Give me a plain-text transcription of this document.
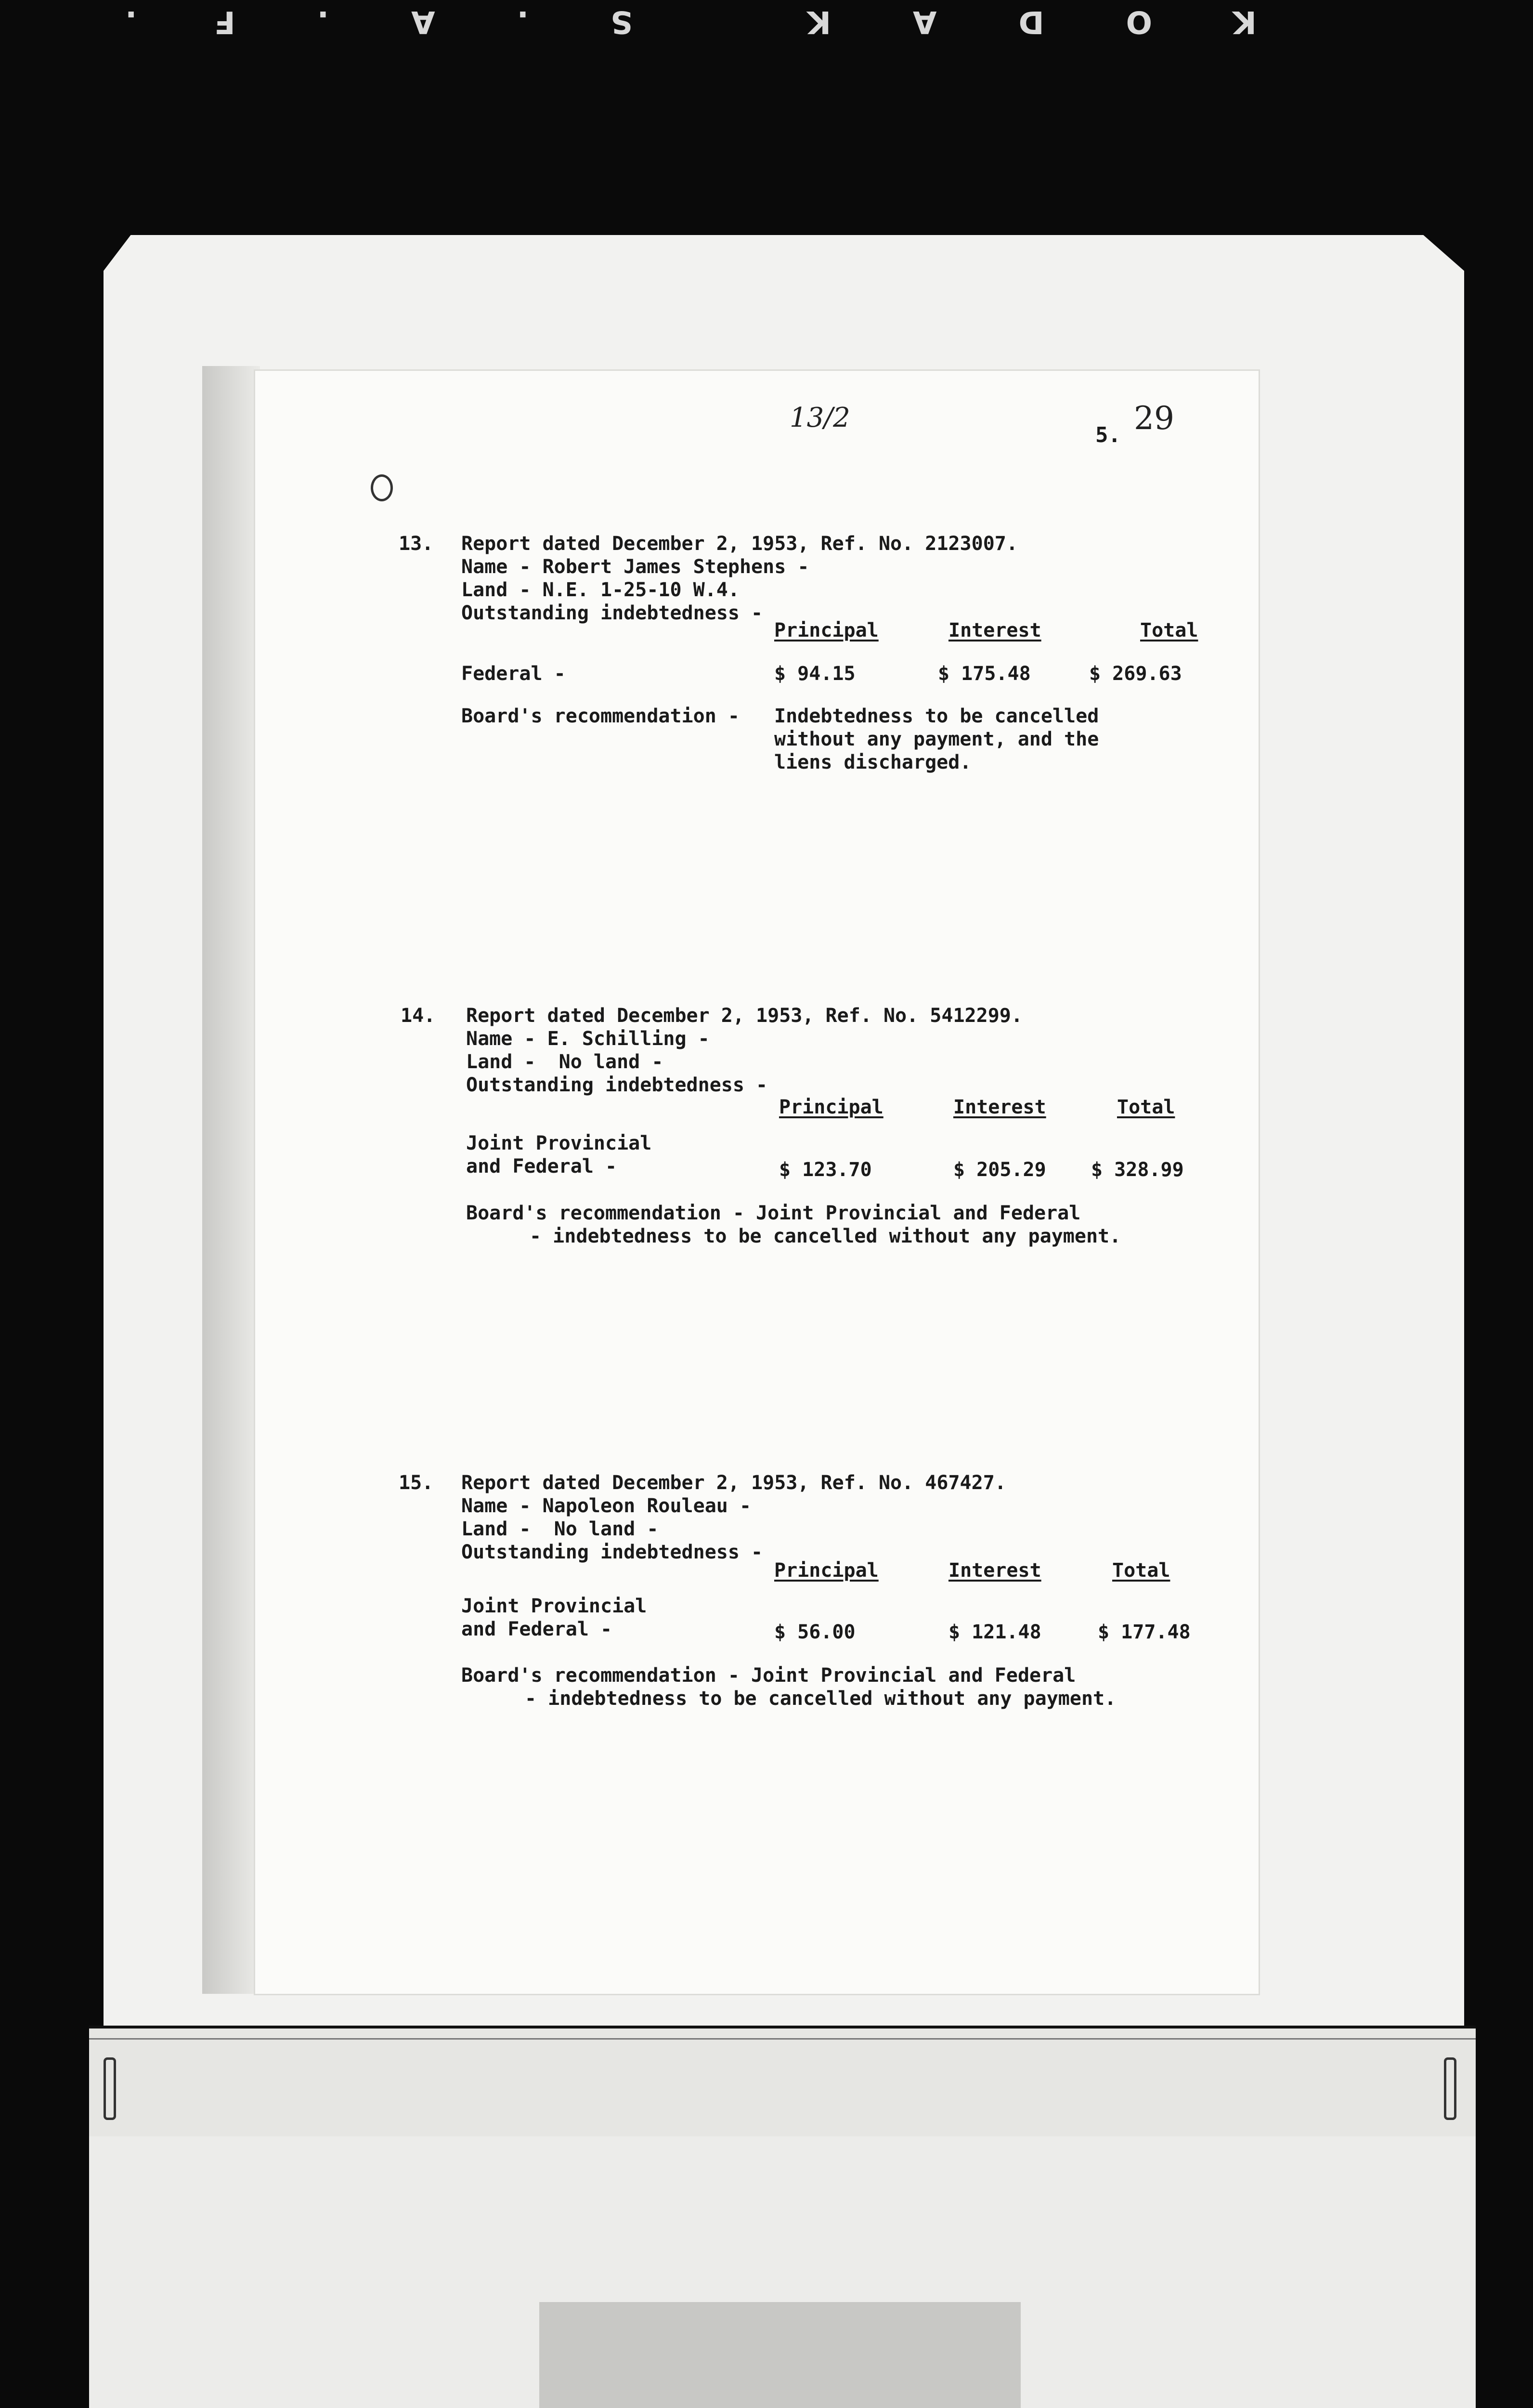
KODAK S.A.F.
13/2
5. 29
13. Report dated December 2, 1953, Ref. No. 2123007.
Name - Robert James Stephens -
Land - N.E. 1-25-10 W.4.
Outstanding indebtedness -
Principal	Interest	Total
Federal -	$ 94.15	$ 175.48	$ 269.63
Board's recommendation - Indebtedness to be cancelled
without any payment, and the
liens discharged.
14. Report dated December 2, 1953, Ref. No. 5412299.
Name - E. Schilling -
Land -  No land -
Outstanding indebtedness -
Principal	Interest	Total
Joint Provincial
and Federal -	$ 123.70	$ 205.29 $ 328.99
Board's recommendation - Joint Provincial and Federal
- indebtedness to be cancelled without any payment.
15. Report dated December 2, 1953, Ref. No. 467427.
Name - Napoleon Rouleau -
Land -  No land -
Outstanding indebtedness -
Principal	Interest	Total
Joint Provincial
and Federal -	$ 56.00	$ 121.48	$ 177.48
Board's recommendation - Joint Provincial and Federal
- indebtedness to be cancelled without any payment.
